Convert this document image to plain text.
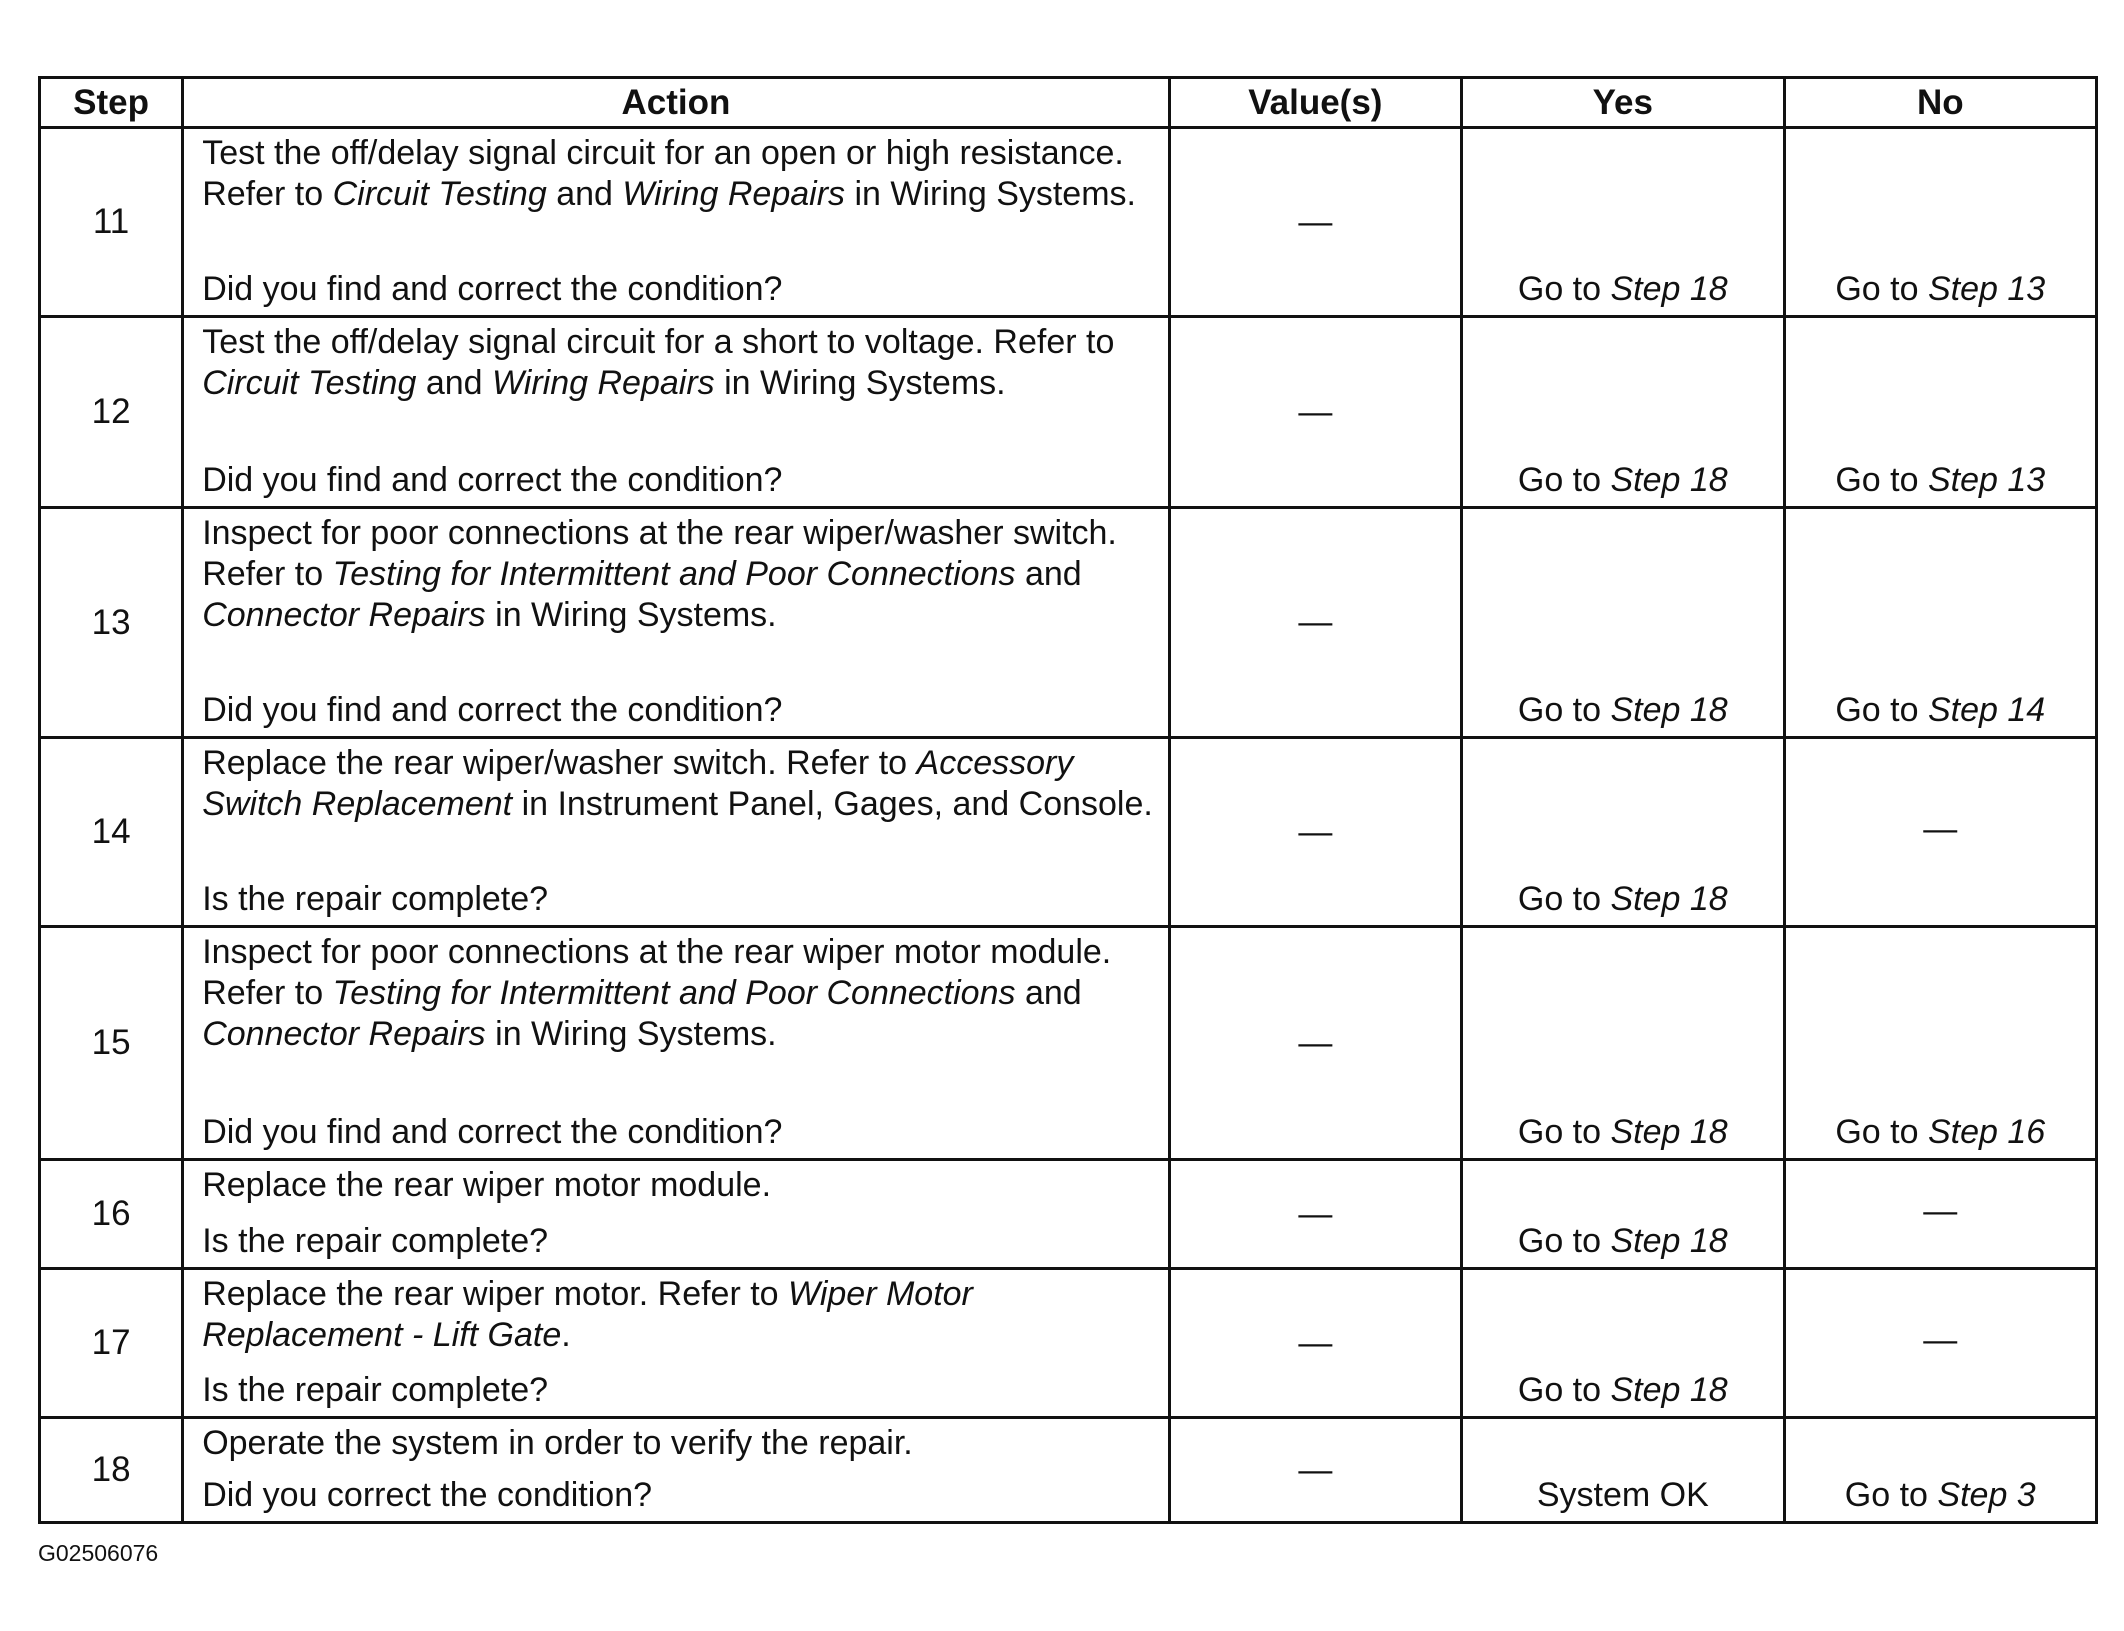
Step	Action	Value(s)	Yes	No
11	Test the off/delay signal circuit for an open or high resistance. Refer to Circuit Testing and Wiring Repairs in Wiring Systems.
Did you find and correct the condition?	—	Go to Step 18	Go to Step 13
12	Test the off/delay signal circuit for a short to voltage. Refer to Circuit Testing and Wiring Repairs in Wiring Systems.
Did you find and correct the condition?	—	Go to Step 18	Go to Step 13
13	Inspect for poor connections at the rear wiper/washer switch. Refer to Testing for Intermittent and Poor Connections and Connector Repairs in Wiring Systems.
Did you find and correct the condition?	—	Go to Step 18	Go to Step 14
14	Replace the rear wiper/washer switch. Refer to Accessory Switch Replacement in Instrument Panel, Gages, and Console.
Is the repair complete?	—	Go to Step 18	—
15	Inspect for poor connections at the rear wiper motor module. Refer to Testing for Intermittent and Poor Connections and Connector Repairs in Wiring Systems.
Did you find and correct the condition?	—	Go to Step 18	Go to Step 16
16	Replace the rear wiper motor module.
Is the repair complete?	—	Go to Step 18	—
17	Replace the rear wiper motor. Refer to Wiper Motor Replacement - Lift Gate.
Is the repair complete?	—	Go to Step 18	—
18	Operate the system in order to verify the repair.
Did you correct the condition?	—	System OK	Go to Step 3
G02506076
